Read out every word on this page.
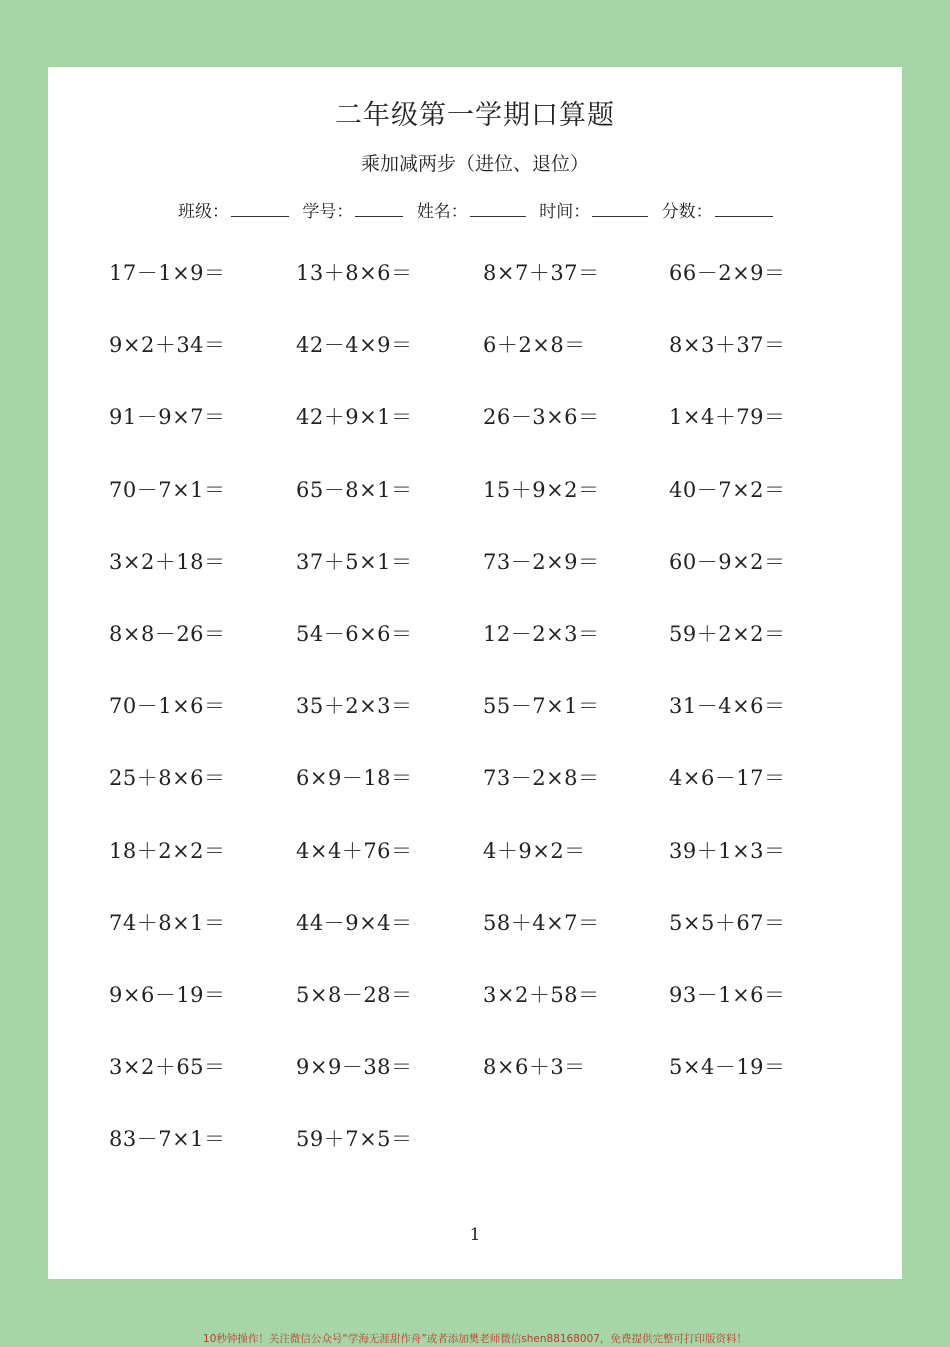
二年级第一学期口算题
乘加减两步（进位、退位）
班级：	学号：	姓名：	时间：	分数：
17－1×9＝	13＋8×6＝	8×7＋37＝	66－2×9＝
9×2＋34＝	42－4×9＝	6＋2×8＝	8×3＋37＝
91－9×7＝	42＋9×1＝	26－3×6＝	1×4＋79＝
70－7×1＝	65－8×1＝	15＋9×2＝	40－7×2＝
3×2＋18＝	37＋5×1＝	73－2×9＝	60－9×2＝
8×8－26＝	54－6×6＝	12－2×3＝	59＋2×2＝
70－1×6＝	35＋2×3＝	55－7×1＝	31－4×6＝
25＋8×6＝	6×9－18＝	73－2×8＝	4×6－17＝
18＋2×2＝	4×4＋76＝	4＋9×2＝	39＋1×3＝
74＋8×1＝	44－9×4＝	58＋4×7＝	5×5＋67＝
9×6－19＝	5×8－28＝	3×2＋58＝	93－1×6＝
3×2＋65＝	9×9－38＝	8×6＋3＝	5×4－19＝
83－7×1＝	59＋7×5＝
1
10秒钟操作！关注微信公众号“学海无涯甜作舟”或者添加樊老师微信shen88168007，免费提供完整可打印版资料！
